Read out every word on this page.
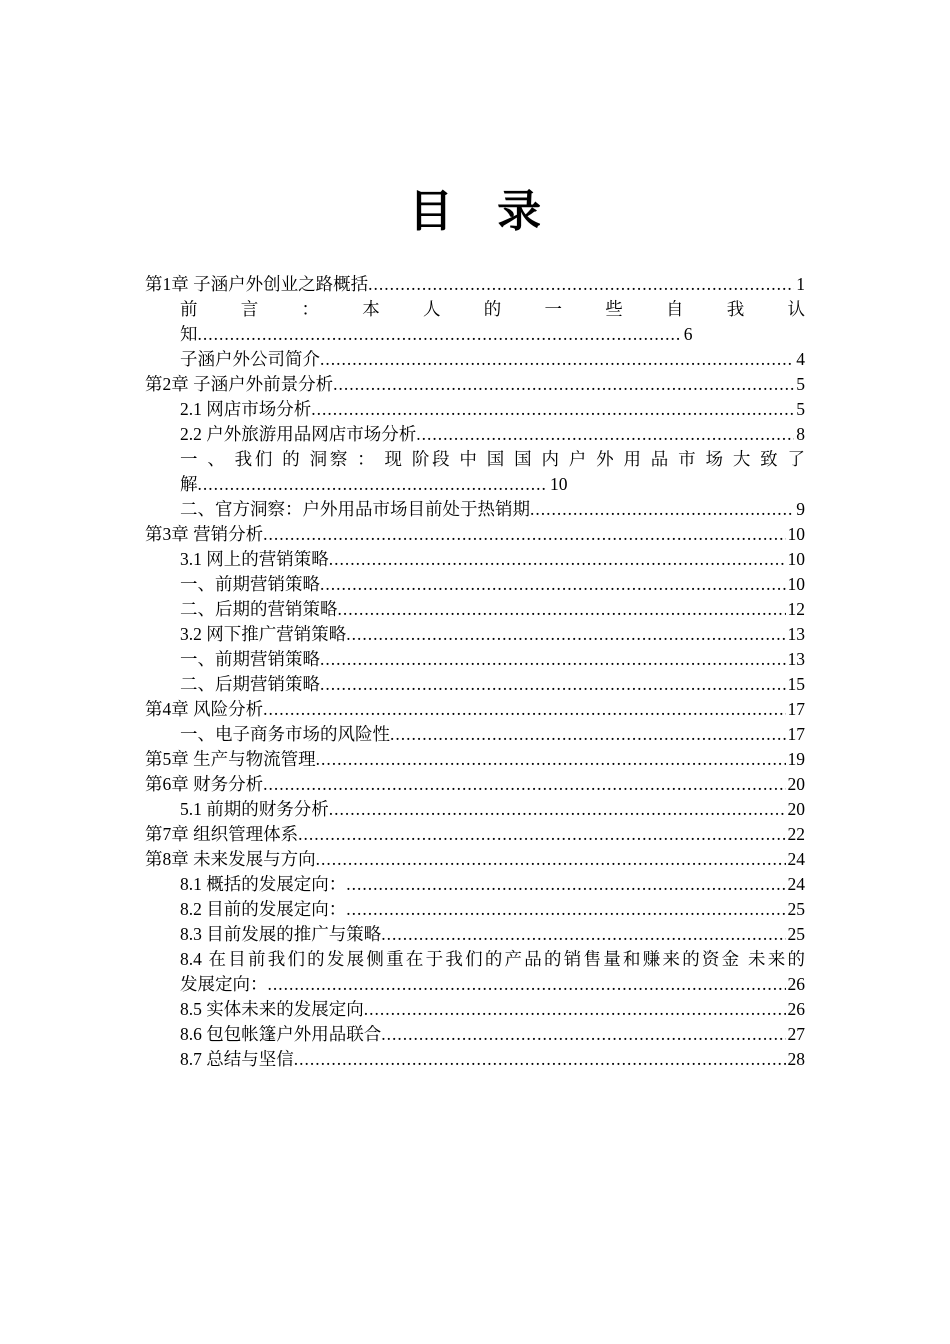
目 录
第1章 子涵户外创业之路概括 .....	1
前 言 ： 本 人 的 一 些 自 我 认
知 .....	6
子涵户外公司简介 .....	4
第2章 子涵户外前景分析 .....	5
2.1 网店市场分析 .....	5
2.2 户外旅游用品网店市场分析 .....	8
一 、 我们 的 洞察 ： 现 阶段 中 国 国 内 户 外 用 品 市 场 大 致 了
解 .....	10
二、官方洞察：户外用品市场目前处于热销期 .....	9
第3章 营销分析 .....	10
3.1 网上的营销策略 .....	10
一、前期营销策略 .....	10
二、后期的营销策略 .....	12
3.2 网下推广营销策略 .....	13
一、前期营销策略 .....	13
二、后期营销策略 .....	15
第4章 风险分析 .....	17
一、电子商务市场的风险性 .....	17
第5章 生产与物流管理 .....	19
第6章 财务分析 .....	20
5.1 前期的财务分析 .....	20
第7章 组织管理体系 .....	22
第8章 未来发展与方向 .....	24
8.1 概括的发展定向： .....	24
8.2 目前的发展定向： .....	25
8.3 目前发展的推广与策略 .....	25
8.4 在目前我们的发展侧重在于我们的产品的销售量和赚来的资金 未来的
发展定向： .....	26
8.5 实体未来的发展定向 .....	26
8.6 包包帐篷户外用品联合 .....	27
8.7 总结与坚信 .....	28
